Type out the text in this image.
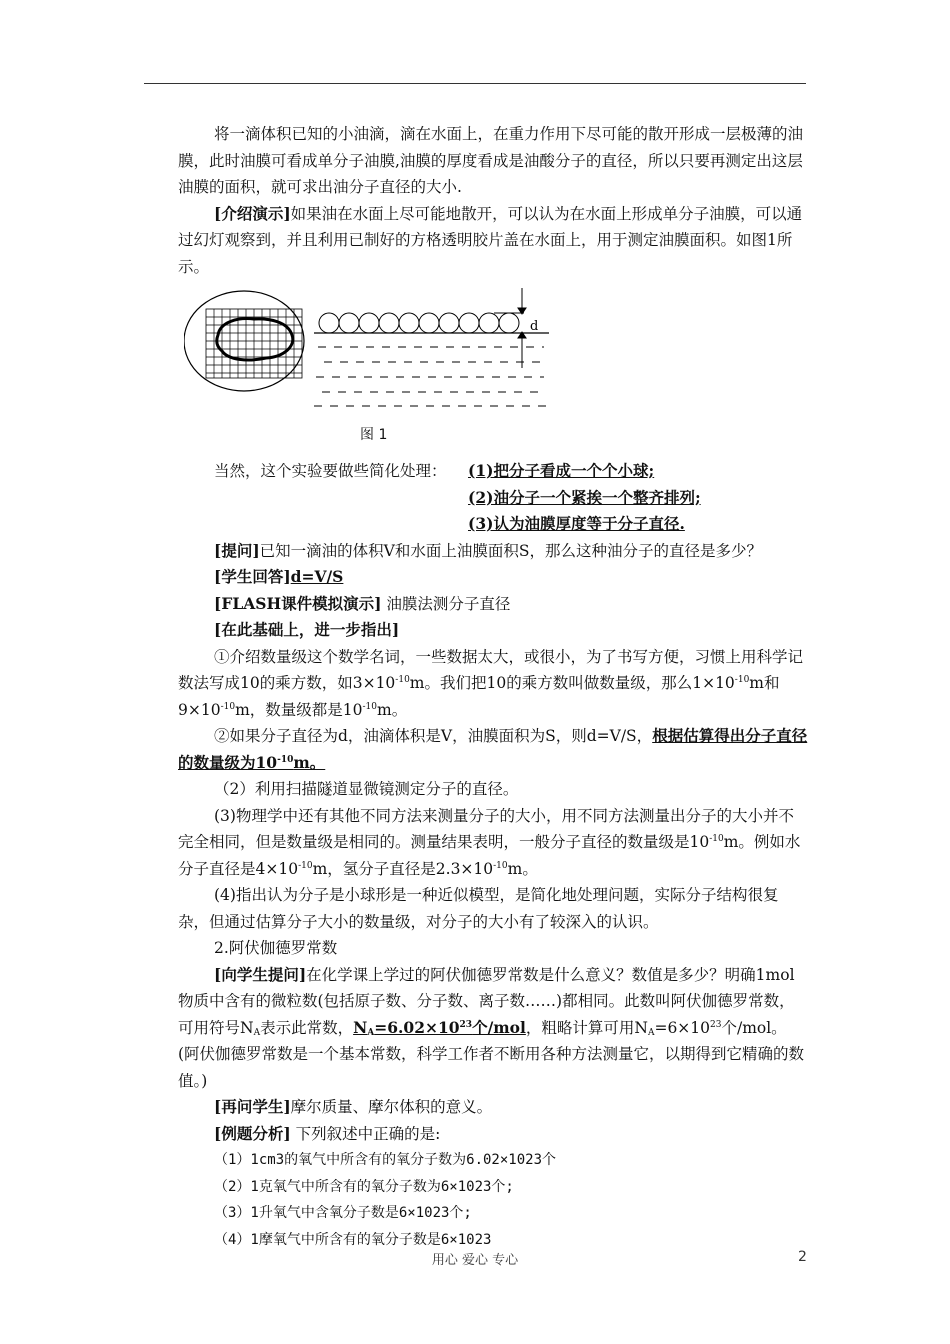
将一滴体积已知的小油滴，滴在水面上，在重力作用下尽可能的散开形成一层极薄的油膜，此时油膜可看成单分子油膜,油膜的厚度看成是油酸分子的直径，所以只要再测定出这层油膜的面积，就可求出油分子直径的大小.

[介绍演示]如果油在水面上尽可能地散开，可以认为在水面上形成单分子油膜，可以通过幻灯观察到，并且利用已制好的方格透明胶片盖在水面上，用于测定油膜面积。如图1所示。

d
图 1
当然，这个实验要做些简化处理： (1)把分子看成一个个小球;
(2)油分子一个紧挨一个整齐排列;
(3)认为油膜厚度等于分子直径.

[提问]已知一滴油的体积V和水面上油膜面积S，那么这种油分子的直径是多少？

[学生回答]d=V/S

[FLASH课件模拟演示] 油膜法测分子直径

[在此基础上，进一步指出]

①介绍数量级这个数学名词，一些数据太大，或很小，为了书写方便，习惯上用科学记数法写成10的乘方数，如$3\times 10^{-10}m$。我们把10的乘方数叫做数量级，那么$1\times 10^{-10}m$和$9\times 10^{-10}m$，数量级都是$10^{-10}m$。

②如果分子直径为d，油滴体积是V，油膜面积为S，则d=V/S，根据估算得出分子直径的数量级为$10^{-10}m$。

（2）利用扫描隧道显微镜测定分子的直径。

(3)物理学中还有其他不同方法来测量分子的大小，用不同方法测量出分子的大小并不完全相同，但是数量级是相同的。测量结果表明，一般分子直径的数量级是$10^{-10}m$。例如水分子直径是$4\times 10^{-10}m$，氢分子直径是$2.3\times 10^{-10}m$。

(4)指出认为分子是小球形是一种近似模型，是简化地处理问题，实际分子结构很复杂，但通过估算分子大小的数量级，对分子的大小有了较深入的认识。

2.阿伏伽德罗常数

[向学生提问]在化学课上学过的阿伏伽德罗常数是什么意义？数值是多少？明确1mol物质中含有的微粒数(包括原子数、分子数、离子数……)都相同。此数叫阿伏伽德罗常数，可用符号$N_A$表示此常数，$N_A=6.02\times 10^{23}$个/mol，粗略计算可用$N_A=6\times 10^{23}$个/mol。(阿伏伽德罗常数是一个基本常数，科学工作者不断用各种方法测量它，以期得到它精确的数值。)

[再问学生]摩尔质量、摩尔体积的意义。

[例题分析] 下列叙述中正确的是:

（1）1cm3的氧气中所含有的氧分子数为6.02×1023个

（2）1克氧气中所含有的氧分子数为6×1023个;

（3）1升氧气中含氧分子数是6×1023个;

（4）1摩氧气中所含有的氧分子数是6×1023

用心 爱心 专心	2
